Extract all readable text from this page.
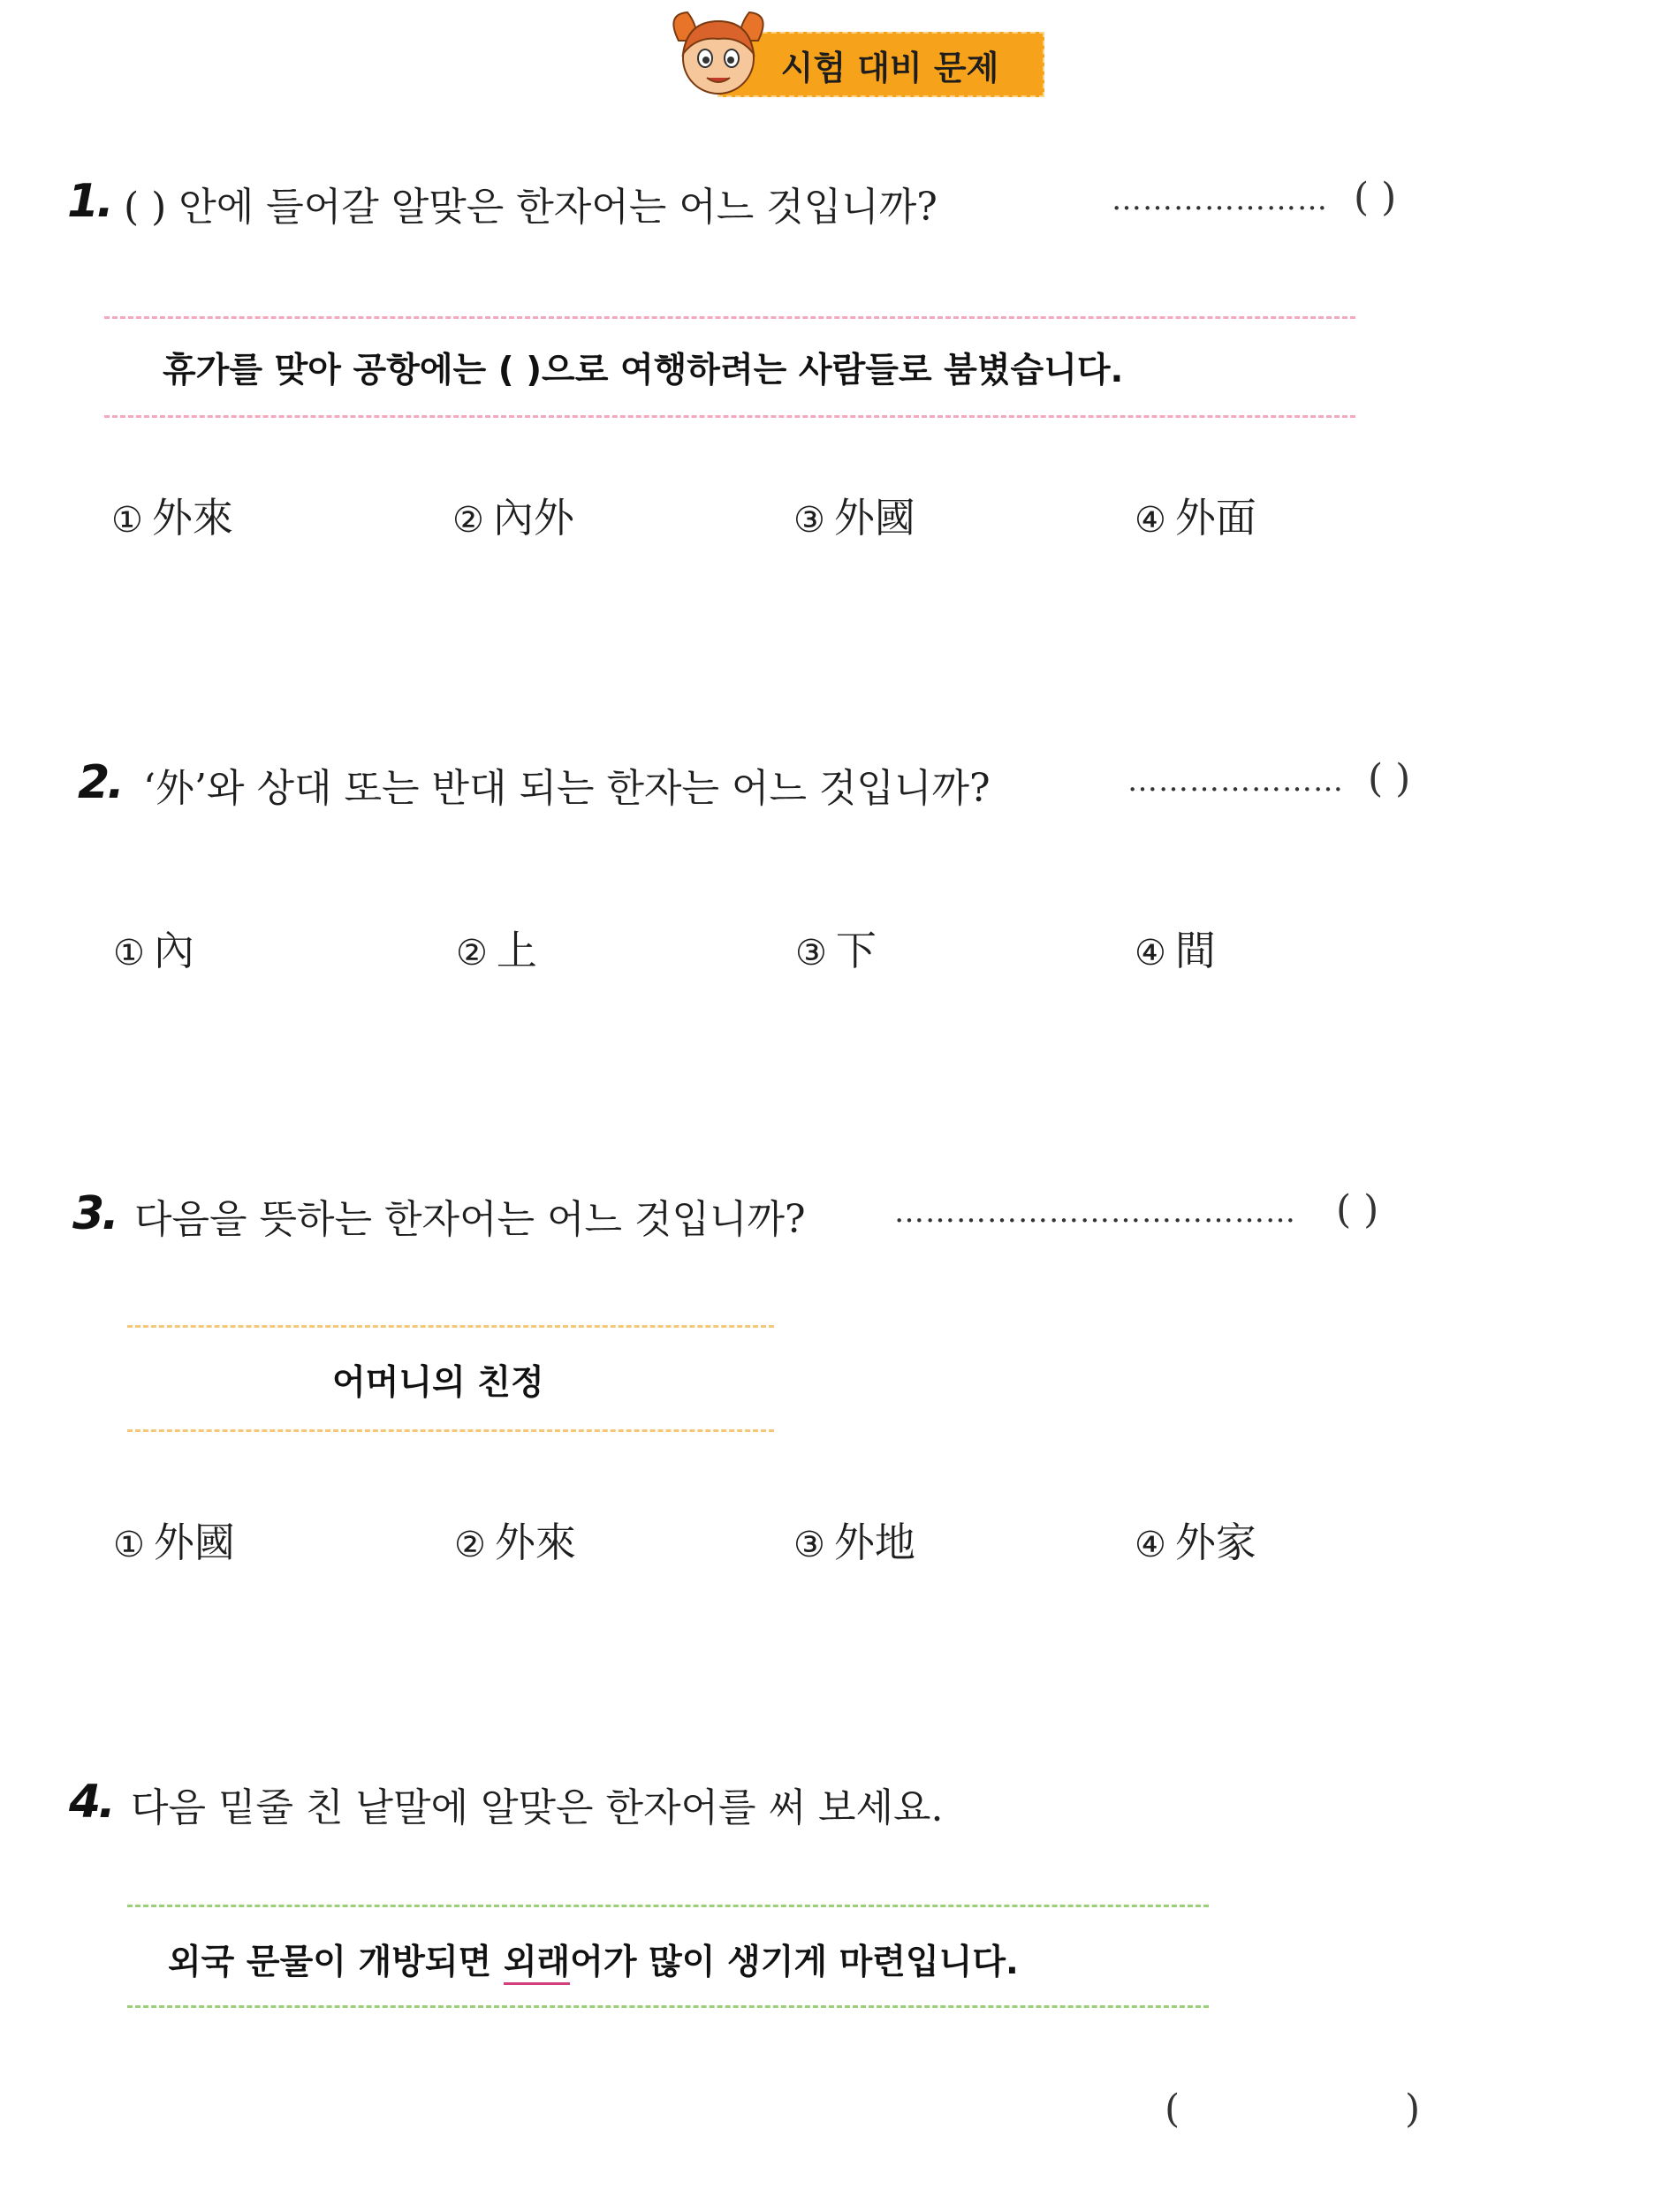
시험 대비 문제
1. ( ) 안에 들어갈 알맞은 한자어는 어느 것입니까?	………………… ( )
휴가를 맞아 공항에는 ( )으로 여행하려는 사람들로 붐볐습니다.
① 外來	② 內外	③ 外國	④ 外面
2. ‘外’와 상대 또는 반대 되는 한자는 어느 것입니까?	………………… ( )
① 內	② 上	③ 下	④ 間
3. 다음을 뜻하는 한자어는 어느 것입니까?	………………………………… ( )
어머니의 친정
① 外國	② 外來	③ 外地	④ 外家
4. 다음 밑줄 친 낱말에 알맞은 한자어를 써 보세요.
외국 문물이 개방되면 외래어가 많이 생기게 마련입니다.
(	)
